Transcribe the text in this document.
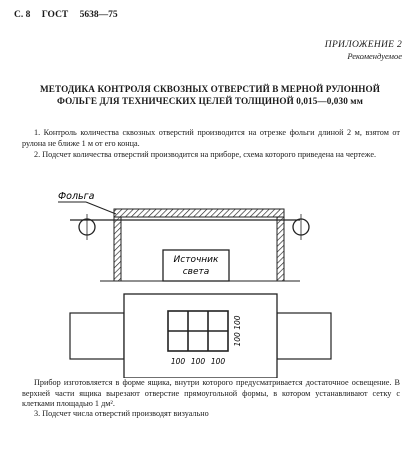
С. 8 ГОСТ 5638—75
ПРИЛОЖЕНИЕ 2
Рекомендуемое
МЕТОДИКА КОНТРОЛЯ СКВОЗНЫХ ОТВЕРСТИЙ В МЕРНОЙ РУЛОННОЙ
ФОЛЬГЕ ДЛЯ ТЕХНИЧЕСКИХ ЦЕЛЕЙ ТОЛЩИНОЙ 0,015—0,030 мм
1. Контроль количества сквозных отверстий производится на отрезке фольги длиной 2 м, взятом от рулона не ближе 1 м от его конца.
2. Подсчет количества отверстий производится на приборе, схема которого приведена на чертеже.
Фольга
Источник
света
100 100 100
100 100
Прибор изготовляется в форме ящика, внутри которого предусматривается достаточное освещение. В верхней части ящика вырезают отверстие прямоугольной формы, в котором устанавливают сетку с клетками площадью 1 дм².
3. Подсчет числа отверстий производят визуально
